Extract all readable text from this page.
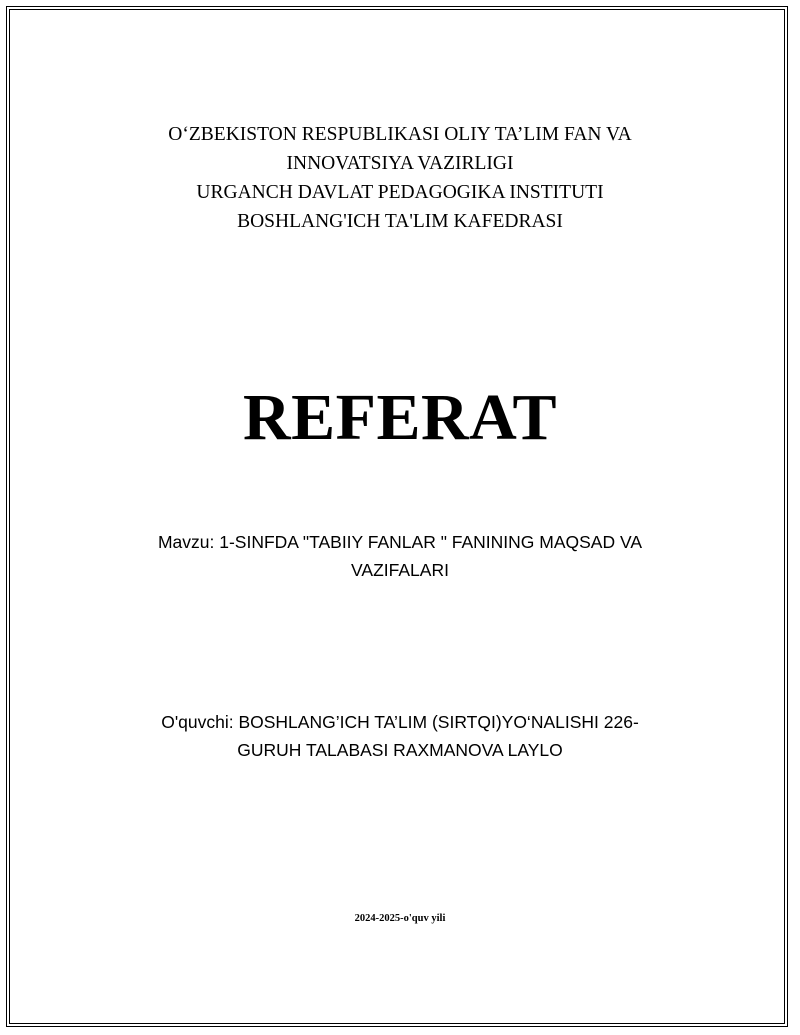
O‘ZBEKISTON RESPUBLIKASI OLIY TA’LIM FAN VA
INNOVATSIYA VAZIRLIGI
URGANCH DAVLAT PEDAGOGIKA INSTITUTI
BOSHLANG'ICH TA'LIM KAFEDRASI
REFERAT
Mavzu: 1-SINFDA "TABIIY FANLAR " FANINING MAQSAD VA
VAZIFALARI
O'quvchi: BOSHLANG’ICH TA’LIM (SIRTQI)YO‘NALISHI 226-
GURUH TALABASI RAXMANOVA LAYLO
2024-2025-o'quv yili
